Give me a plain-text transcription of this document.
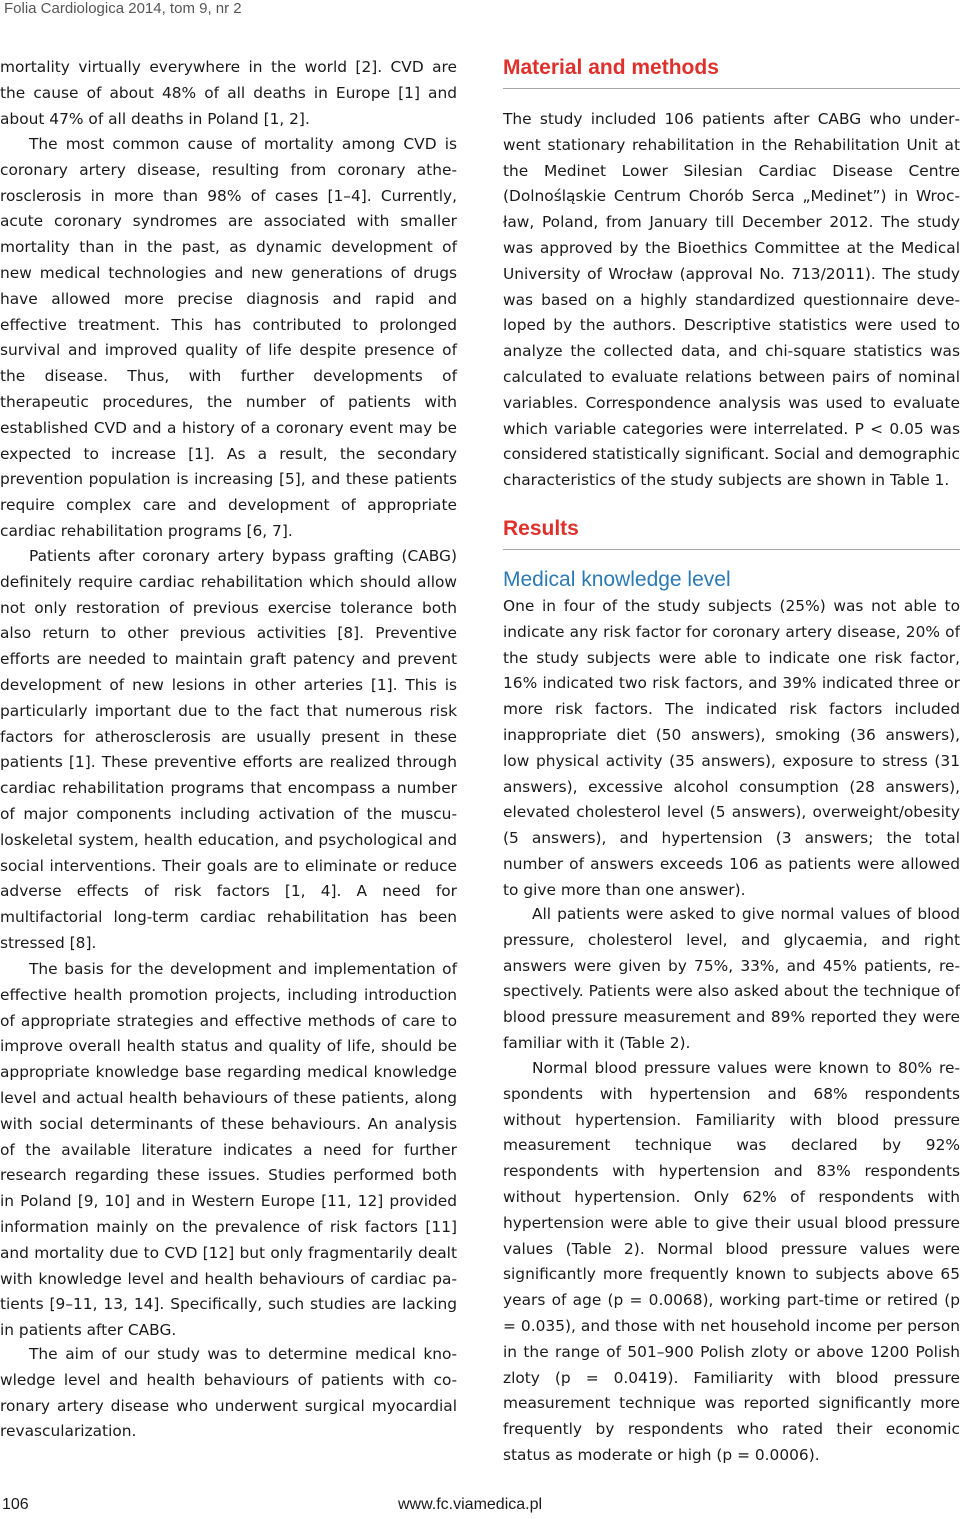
Folia Cardiologica 2014, tom 9, nr 2

mortality virtually everywhere in the world [2]. CVD are the cause of about 48% of all deaths in Europe [1] and about 47% of all deaths in Poland [1, 2].

The most common cause of mortality among CVD is coronary artery disease, resulting from coronary atherosclerosis in more than 98% of cases [1–4]. Currently, acute coronary syndromes are associated with smaller mortality than in the past, as dynamic development of new medical technologies and new generations of drugs have allowed more precise diagnosis and rapid and effective treatment. This has contributed to prolonged survival and improved quality of life despite presence of the disease. Thus, with further developments of therapeutic procedures, the number of patients with established CVD and a history of a coronary event may be expected to increase [1]. As a result, the secondary prevention population is increasing [5], and these patients require complex care and development of appropriate cardiac rehabilitation programs [6, 7].

Patients after coronary artery bypass grafting (CABG) definitely require cardiac rehabilitation which should allow not only restoration of previous exercise tolerance both also return to other previous activities [8]. Preventive efforts are needed to maintain graft patency and prevent development of new lesions in other arteries [1]. This is particularly important due to the fact that numerous risk factors for atherosclerosis are usually present in these patients [1]. These preventive efforts are realized through cardiac rehabilitation programs that encompass a number of major components including activation of the musculoskeletal system, health education, and psychological and social interventions. Their goals are to eliminate or reduce adverse effects of risk factors [1, 4]. A need for multifactorial long-term cardiac rehabilitation has been stressed [8].

The basis for the development and implementation of effective health promotion projects, including introduction of appropriate strategies and effective methods of care to improve overall health status and quality of life, should be appropriate knowledge base regarding medical knowledge level and actual health behaviours of these patients, along with social determinants of these behaviours. An analysis of the available literature indicates a need for further research regarding these issues. Studies performed both in Poland [9, 10] and in Western Europe [11, 12] provided information mainly on the prevalence of risk factors [11] and mortality due to CVD [12] but only fragmentarily dealt with knowledge level and health behaviours of cardiac patients [9–11, 13, 14]. Specifically, such studies are lacking in patients after CABG.

The aim of our study was to determine medical knowledge level and health behaviours of patients with coronary artery disease who underwent surgical myocardial revascularization.

Material and methods

The study included 106 patients after CABG who underwent stationary rehabilitation in the Rehabilitation Unit at the Medinet Lower Silesian Cardiac Disease Centre (Dolnośląskie Centrum Chorób Serca „Medinet”) in Wrocław, Poland, from January till December 2012. The study was approved by the Bioethics Committee at the Medical University of Wrocław (approval No. 713/2011). The study was based on a highly standardized questionnaire developed by the authors. Descriptive statistics were used to analyze the collected data, and chi-square statistics was calculated to evaluate relations between pairs of nominal variables. Correspondence analysis was used to evaluate which variable categories were interrelated. P < 0.05 was considered statistically significant. Social and demographic characteristics of the study subjects are shown in Table 1.

Results
Medical knowledge level

One in four of the study subjects (25%) was not able to indicate any risk factor for coronary artery disease, 20% of the study subjects were able to indicate one risk factor, 16% indicated two risk factors, and 39% indicated three or more risk factors. The indicated risk factors included inappropriate diet (50 answers), smoking (36 answers), low physical activity (35 answers), exposure to stress (31 answers), excessive alcohol consumption (28 answers), elevated cholesterol level (5 answers), overweight/obesity (5 answers), and hypertension (3 answers; the total number of answers exceeds 106 as patients were allowed to give more than one answer).

All patients were asked to give normal values of blood pressure, cholesterol level, and glycaemia, and right answers were given by 75%, 33%, and 45% patients, respectively. Patients were also asked about the technique of blood pressure measurement and 89% reported they were familiar with it (Table 2).

Normal blood pressure values were known to 80% respondents with hypertension and 68% respondents without hypertension. Familiarity with blood pressure measurement technique was declared by 92% respondents with hypertension and 83% respondents without hypertension. Only 62% of respondents with hypertension were able to give their usual blood pressure values (Table 2). Normal blood pressure values were significantly more frequently known to subjects above 65 years of age (p = 0.0068), working part-time or retired (p = 0.035), and those with net household income per person in the range of 501–900 Polish zloty or above 1200 Polish zloty (p = 0.0419). Familiarity with blood pressure measurement technique was reported significantly more frequently by respondents who rated their economic status as moderate or high (p = 0.0006).

106	www.fc.viamedica.pl
